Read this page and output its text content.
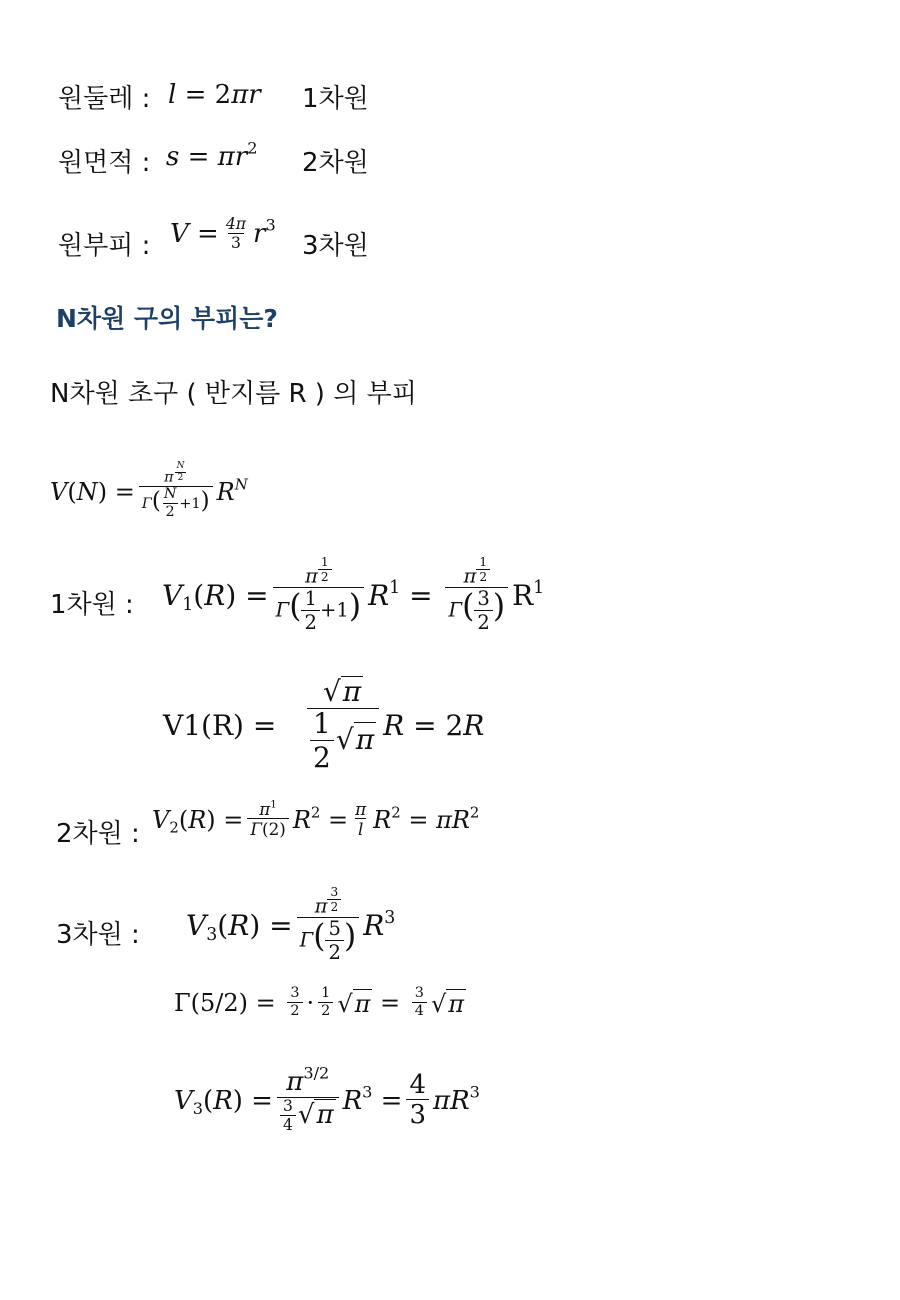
원둘레 : l = 2 πr 1차원
원면적 : $s = \pi r^2$ 2차원
원부피 : $V = \frac{4\pi}{3} r^3$
3차원
N차원 구의 부피는?
N차원 초구 ( 반지름 R ) 의 부피
V ( N ) = π $^{\frac{N}{2}}$
$\Gamma( \frac{N}{2} +1)$ $R^N$
1차원 : $V_1$ ( R ) = π $^{\frac{1}{2}}$
$\Gamma( \frac{1}{2} +1)$ $R^1 = \pi$ $^{\frac{1}{2}}$
$\Gamma( \frac{3}{2}$ ) $R^1$
$V1(R) = \frac{√ \pi}{\frac{1}{2} √ \pi}$ R = 2 R
2차원 : $V_2$ ( R ) = $\frac{\pi^1}{\Gamma(2)} R^2 = \frac{\pi}{l} R^2 = \pi R^2$
3차원 : $V_3$ ( R ) = π $^{\frac{3}{2}}$
$\Gamma( \frac{5}{2}$ ) $R^3$
$\Gamma(5/2) = \frac{3}{2} \cdot \frac{1}{2}$ √ $\pi = \frac{3}{4}$ √ π
$V_3$ ( R ) = $\frac{\pi^{3/2}}{\frac{3}{4} √ \pi} R^3 = \frac{4}{3} \pi R^3$
